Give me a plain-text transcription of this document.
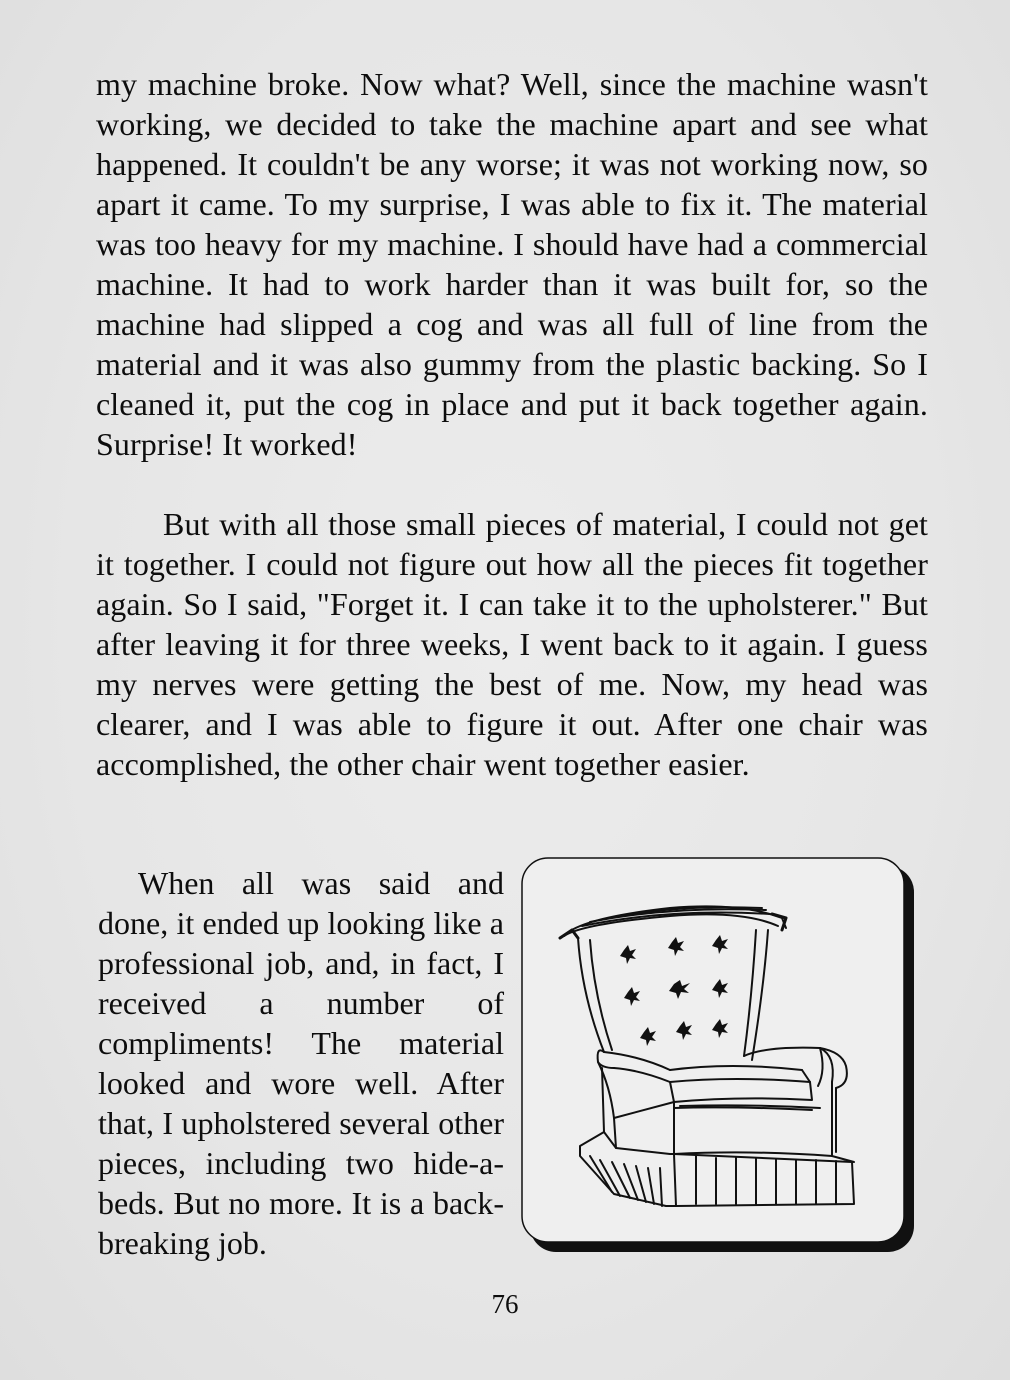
my machine broke. Now what? Well, since the machine wasn't working, we decided to take the machine apart and see what happened. It couldn't be any worse; it was not working now, so apart it came. To my surprise, I was able to fix it. The material was too heavy for my machine. I should have had a commercial machine. It had to work harder than it was built for, so the machine had slipped a cog and was all full of line from the material and it was also gummy from the plastic backing. So I cleaned it, put the cog in place and put it back together again. Surprise! It worked!

But with all those small pieces of material, I could not get it together. I could not figure out how all the pieces fit together again. So I said, "Forget it. I can take it to the upholsterer." But after leaving it for three weeks, I went back to it again. I guess my nerves were getting the best of me. Now, my head was clearer, and I was able to figure it out. After one chair was accomplished, the other chair went together easier.

When all was said and done, it ended up looking like a professional job, and, in fact, I received a number of compliments! The material looked and wore well. After that, I upholstered several other pieces, including two hide-a-beds. But no more. It is a back-breaking job.

76
